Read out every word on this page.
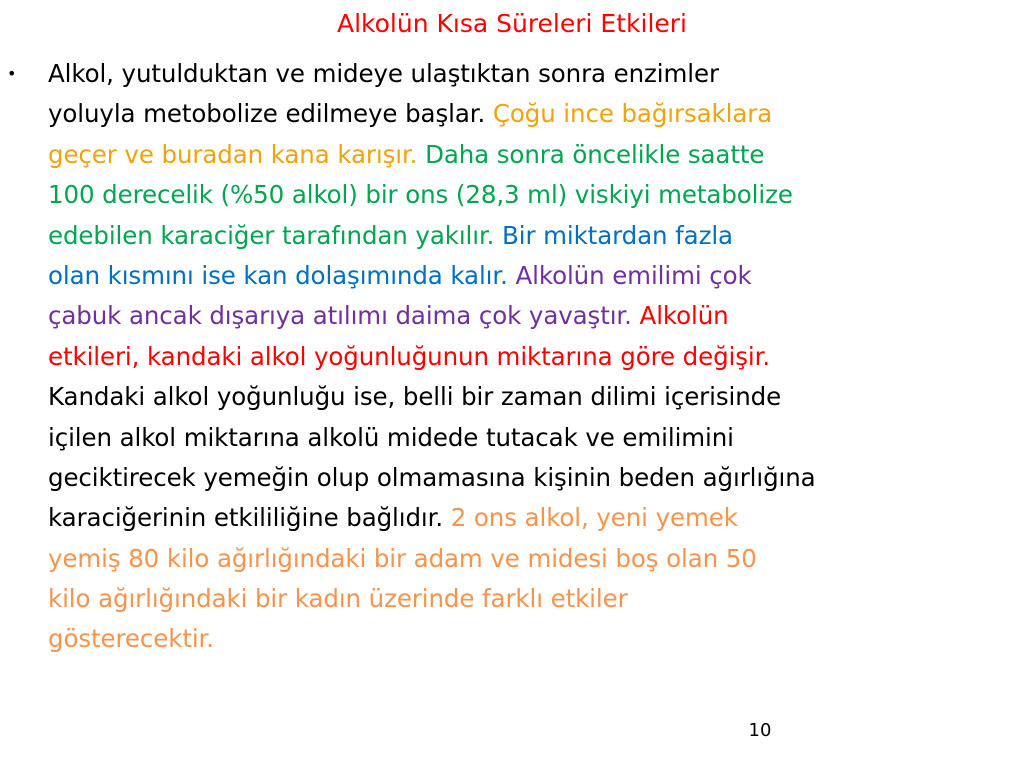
Alkolün Kısa Süreleri Etkileri
• Alkol, yutulduktan ve mideye ulaştıktan sonra enzimler
yoluyla metobolize edilmeye başlar. Çoğu ince bağırsaklara
geçer ve buradan kana karışır. Daha sonra öncelikle saatte
100 derecelik (%50 alkol) bir ons (28,3 ml) viskiyi metabolize
edebilen karaciğer tarafından yakılır. Bir miktardan fazla
olan kısmını ise kan dolaşımında kalır. Alkolün emilimi çok
çabuk ancak dışarıya atılımı daima çok yavaştır. Alkolün
etkileri, kandaki alkol yoğunluğunun miktarına göre değişir.
Kandaki alkol yoğunluğu ise, belli bir zaman dilimi içerisinde
içilen alkol miktarına alkolü midede tutacak ve emilimini
geciktirecek yemeğin olup olmamasına kişinin beden ağırlığına
karaciğerinin etkililiğine bağlıdır. 2 ons alkol, yeni yemek
yemiş 80 kilo ağırlığındaki bir adam ve midesi boş olan 50
kilo ağırlığındaki bir kadın üzerinde farklı etkiler
gösterecektir.
10
